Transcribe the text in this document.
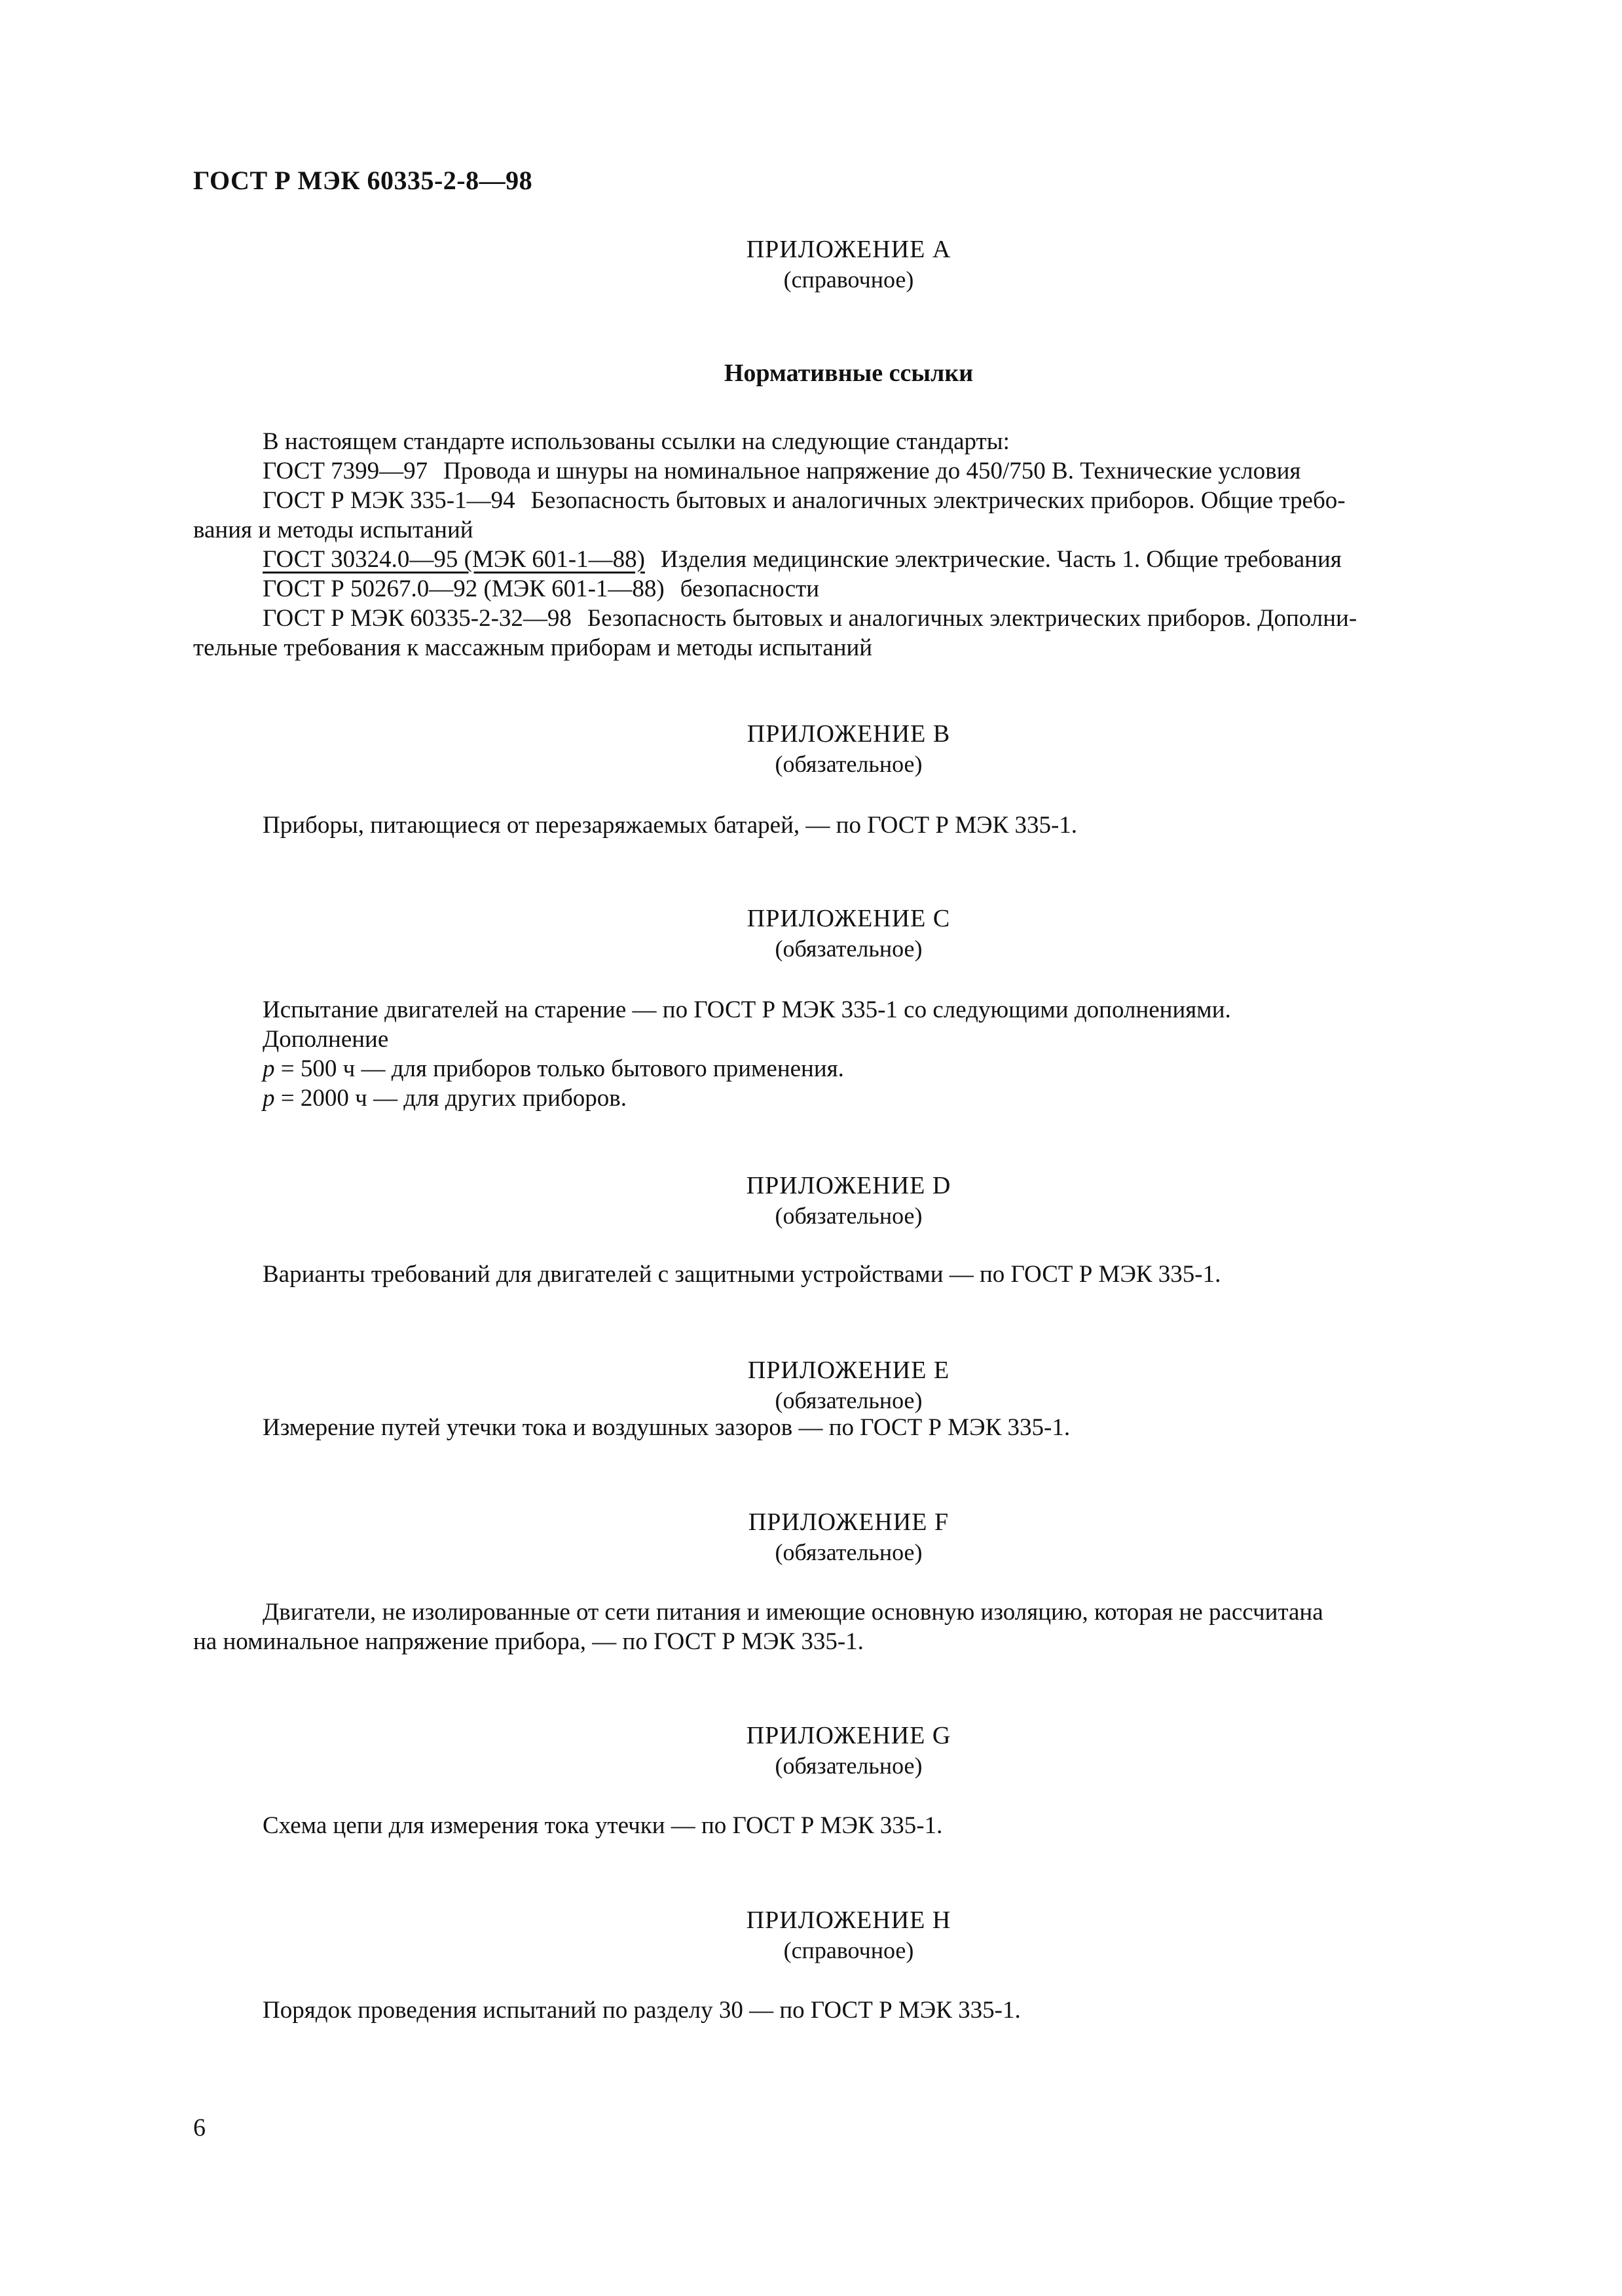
ГОСТ Р МЭК 60335-2-8—98
ПРИЛОЖЕНИЕ А
(справочное)
Нормативные ссылки
В настоящем стандарте использованы ссылки на следующие стандарты:
ГОСТ 7399—97 Провода и шнуры на номинальное напряжение до 450/750 В. Технические условия
ГОСТ Р МЭК 335-1—94 Безопасность бытовых и аналогичных электрических приборов. Общие требо-
вания и методы испытаний
ГОСТ 30324.0—95 (МЭК 601-1—88) Изделия медицинские электрические. Часть 1. Общие требования
ГОСТ Р 50267.0—92 (МЭК 601-1—88) безопасности
ГОСТ Р МЭК 60335-2-32—98 Безопасность бытовых и аналогичных электрических приборов. Дополни-
тельные требования к массажным приборам и методы испытаний
ПРИЛОЖЕНИЕ В
(обязательное)
Приборы, питающиеся от перезаряжаемых батарей, — по ГОСТ Р МЭК 335-1.
ПРИЛОЖЕНИЕ С
(обязательное)
Испытание двигателей на старение — по ГОСТ Р МЭК 335-1 со следующими дополнениями.
Дополнение
p = 500 ч — для приборов только бытового применения.
p = 2000 ч — для других приборов.
ПРИЛОЖЕНИЕ D
(обязательное)
Варианты требований для двигателей с защитными устройствами — по ГОСТ Р МЭК 335-1.
ПРИЛОЖЕНИЕ Е
(обязательное)
Измерение путей утечки тока и воздушных зазоров — по ГОСТ Р МЭК 335-1.
ПРИЛОЖЕНИЕ F
(обязательное)
Двигатели, не изолированные от сети питания и имеющие основную изоляцию, которая не рассчитана
на номинальное напряжение прибора, — по ГОСТ Р МЭК 335-1.
ПРИЛОЖЕНИЕ G
(обязательное)
Схема цепи для измерения тока утечки — по ГОСТ Р МЭК 335-1.
ПРИЛОЖЕНИЕ Н
(справочное)
Порядок проведения испытаний по разделу 30 — по ГОСТ Р МЭК 335-1.
6
